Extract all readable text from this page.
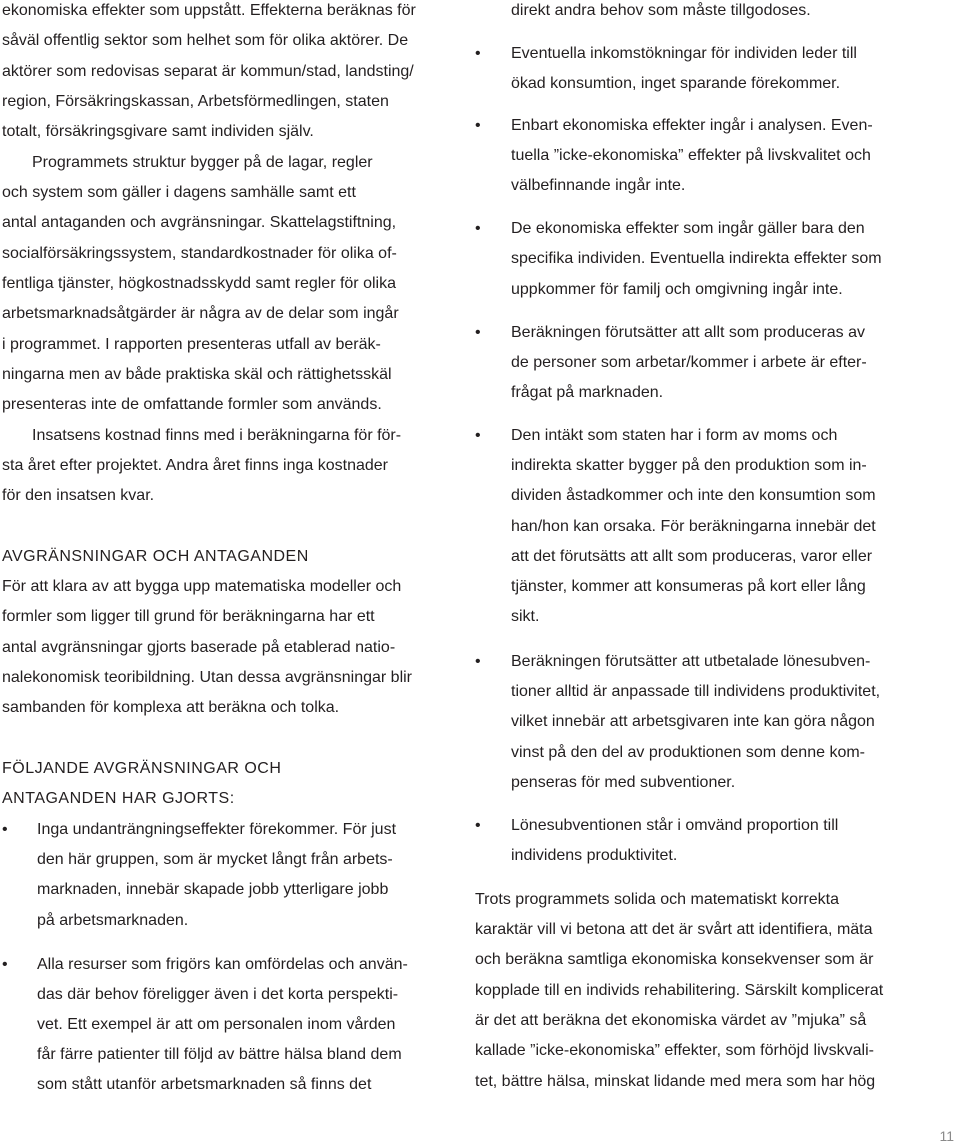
ekonomiska effekter som uppstått. Effekterna beräknas för
såväl offentlig sektor som helhet som för olika aktörer. De
aktörer som redovisas separat är kommun/stad, landsting/
region, Försäkringskassan, Arbetsförmedlingen, staten
totalt, försäkringsgivare samt individen själv.
Programmets struktur bygger på de lagar, regler
och system som gäller i dagens samhälle samt ett
antal antaganden och avgränsningar. Skattelagstiftning,
socialförsäkringssystem, standardkostnader för olika of-
fentliga tjänster, högkostnadsskydd samt regler för olika
arbetsmarknadsåtgärder är några av de delar som ingår
i programmet. I rapporten presenteras utfall av beräk-
ningarna men av både praktiska skäl och rättighetsskäl
presenteras inte de omfattande formler som används.
Insatsens kostnad finns med i beräkningarna för för-
sta året efter projektet. Andra året finns inga kostnader
för den insatsen kvar.
AVGRÄNSNINGAR OCH ANTAGANDEN
För att klara av att bygga upp matematiska modeller och
formler som ligger till grund för beräkningarna har ett
antal avgränsningar gjorts baserade på etablerad natio-
nalekonomisk teoribildning. Utan dessa avgränsningar blir
sambanden för komplexa att beräkna och tolka.
FÖLJANDE AVGRÄNSNINGAR OCH
ANTAGANDEN HAR GJORTS:
• Inga undanträngningseffekter förekommer. För just
den här gruppen, som är mycket långt från arbets-
marknaden, innebär skapade jobb ytterligare jobb
på arbetsmarknaden.
• Alla resurser som frigörs kan omfördelas och använ-
das där behov föreligger även i det korta perspekti-
vet. Ett exempel är att om personalen inom vården
får färre patienter till följd av bättre hälsa bland dem
som stått utanför arbetsmarknaden så finns det
direkt andra behov som måste tillgodoses.
• Eventuella inkomstökningar för individen leder till
ökad konsumtion, inget sparande förekommer.
• Enbart ekonomiska effekter ingår i analysen. Even-
tuella ”icke-ekonomiska” effekter på livskvalitet och
välbefinnande ingår inte.
• De ekonomiska effekter som ingår gäller bara den
specifika individen. Eventuella indirekta effekter som
uppkommer för familj och omgivning ingår inte.
• Beräkningen förutsätter att allt som produceras av
de personer som arbetar/kommer i arbete är efter-
frågat på marknaden.
• Den intäkt som staten har i form av moms och
indirekta skatter bygger på den produktion som in-
dividen åstadkommer och inte den konsumtion som
han/hon kan orsaka. För beräkningarna innebär det
att det förutsätts att allt som produceras, varor eller
tjänster, kommer att konsumeras på kort eller lång
sikt.
• Beräkningen förutsätter att utbetalade lönesubven-
tioner alltid är anpassade till individens produktivitet,
vilket innebär att arbetsgivaren inte kan göra någon
vinst på den del av produktionen som denne kom-
penseras för med subventioner.
• Lönesubventionen står i omvänd proportion till
individens produktivitet.
Trots programmets solida och matematiskt korrekta
karaktär vill vi betona att det är svårt att identifiera, mäta
och beräkna samtliga ekonomiska konsekvenser som är
kopplade till en individs rehabilitering. Särskilt komplicerat
är det att beräkna det ekonomiska värdet av ”mjuka” så
kallade ”icke-ekonomiska” effekter, som förhöjd livskvali-
tet, bättre hälsa, minskat lidande med mera som har hög
11
